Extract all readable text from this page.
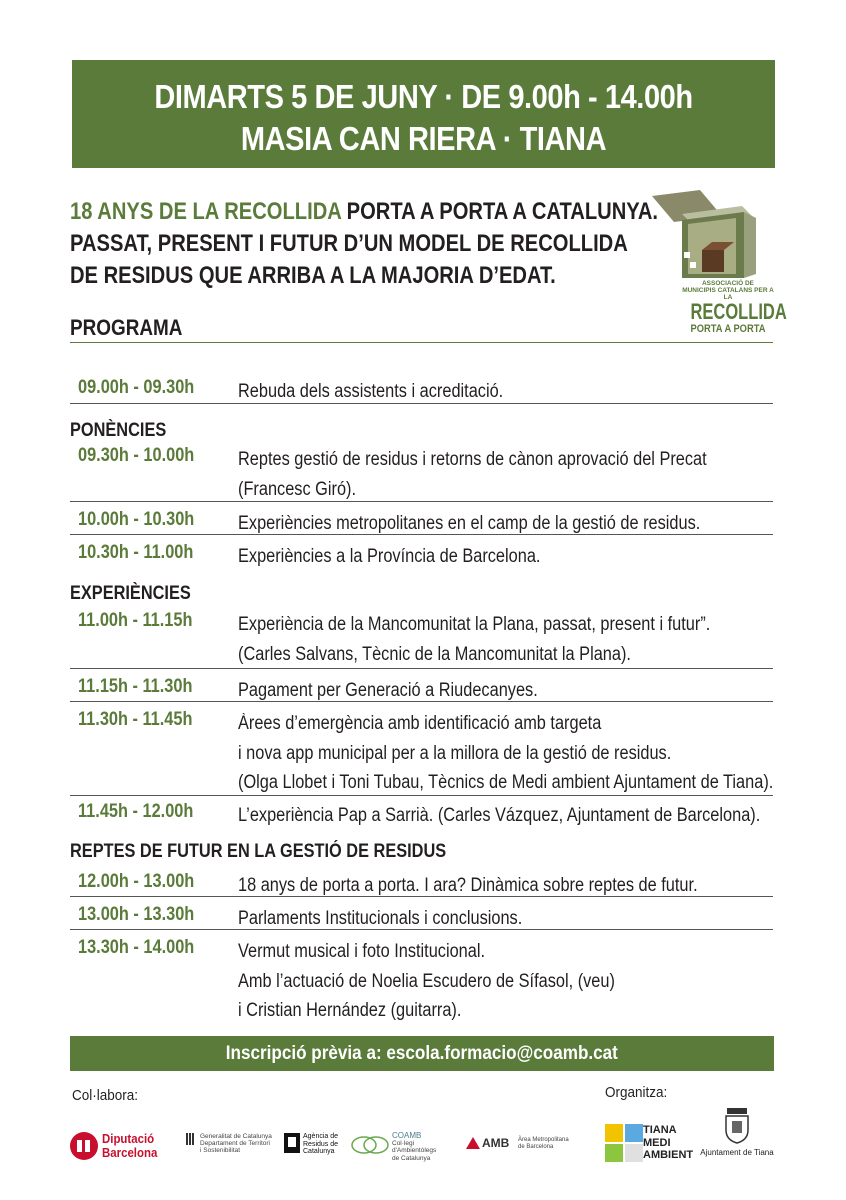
DIMARTS 5 DE JUNY · DE 9.00h - 14.00h
MASIA CAN RIERA · TIANA
18 ANYS DE LA RECOLLIDA PORTA A PORTA A CATALUNYA.
PASSAT, PRESENT I FUTUR D’UN MODEL DE RECOLLIDA
DE RESIDUS QUE ARRIBA A LA MAJORIA D’EDAT.	ASSOCIACIÓ DE
MUNICIPIS CATALANS PER A LA
RECOLLIDA
PORTA A PORTA
PROGRAMA
09.00h - 09.30h Rebuda dels assistents i acreditació.
PONÈNCIES
09.30h - 10.00h Reptes gestió de residus i retorns de cànon aprovació del Precat
(Francesc Giró).
10.00h - 10.30h Experiències metropolitanes en el camp de la gestió de residus.
10.30h - 11.00h Experiències a la Província de Barcelona.
EXPERIÈNCIES
11.00h - 11.15h Experiència de la Mancomunitat la Plana, passat, present i futur”.
(Carles Salvans, Tècnic de la Mancomunitat la Plana).
11.15h - 11.30h Pagament per Generació a Riudecanyes.
11.30h - 11.45h Àrees d’emergència amb identificació amb targeta
i nova app municipal per a la millora de la gestió de residus.
(Olga Llobet i Toni Tubau, Tècnics de Medi ambient Ajuntament de Tiana).
11.45h - 12.00h L’experiència Pap a Sarrià. (Carles Vázquez, Ajuntament de Barcelona).
REPTES DE FUTUR EN LA GESTIÓ DE RESIDUS
12.00h - 13.00h 18 anys de porta a porta. I ara? Dinàmica sobre reptes de futur.
13.00h - 13.30h Parlaments Institucionals i conclusions.
13.30h - 14.00h Vermut musical i foto Institucional.
Amb l’actuació de Noelia Escudero de Sífasol, (veu)
i Cristian Hernández (guitarra).
Inscripció prèvia a: escola.formacio@coamb.cat
Col·labora:	Organitza:
Diputació
Barcelona
Generalitat de Catalunya
Departament de Territori
i Sostenibilitat
Agència de
Residus de
Catalunya
COAMB
Col·legi d'Ambientòlegs
de Catalunya
AMB Àrea Metropolitana
de Barcelona
TIANA
MEDI
AMBIENT Ajuntament de Tiana
